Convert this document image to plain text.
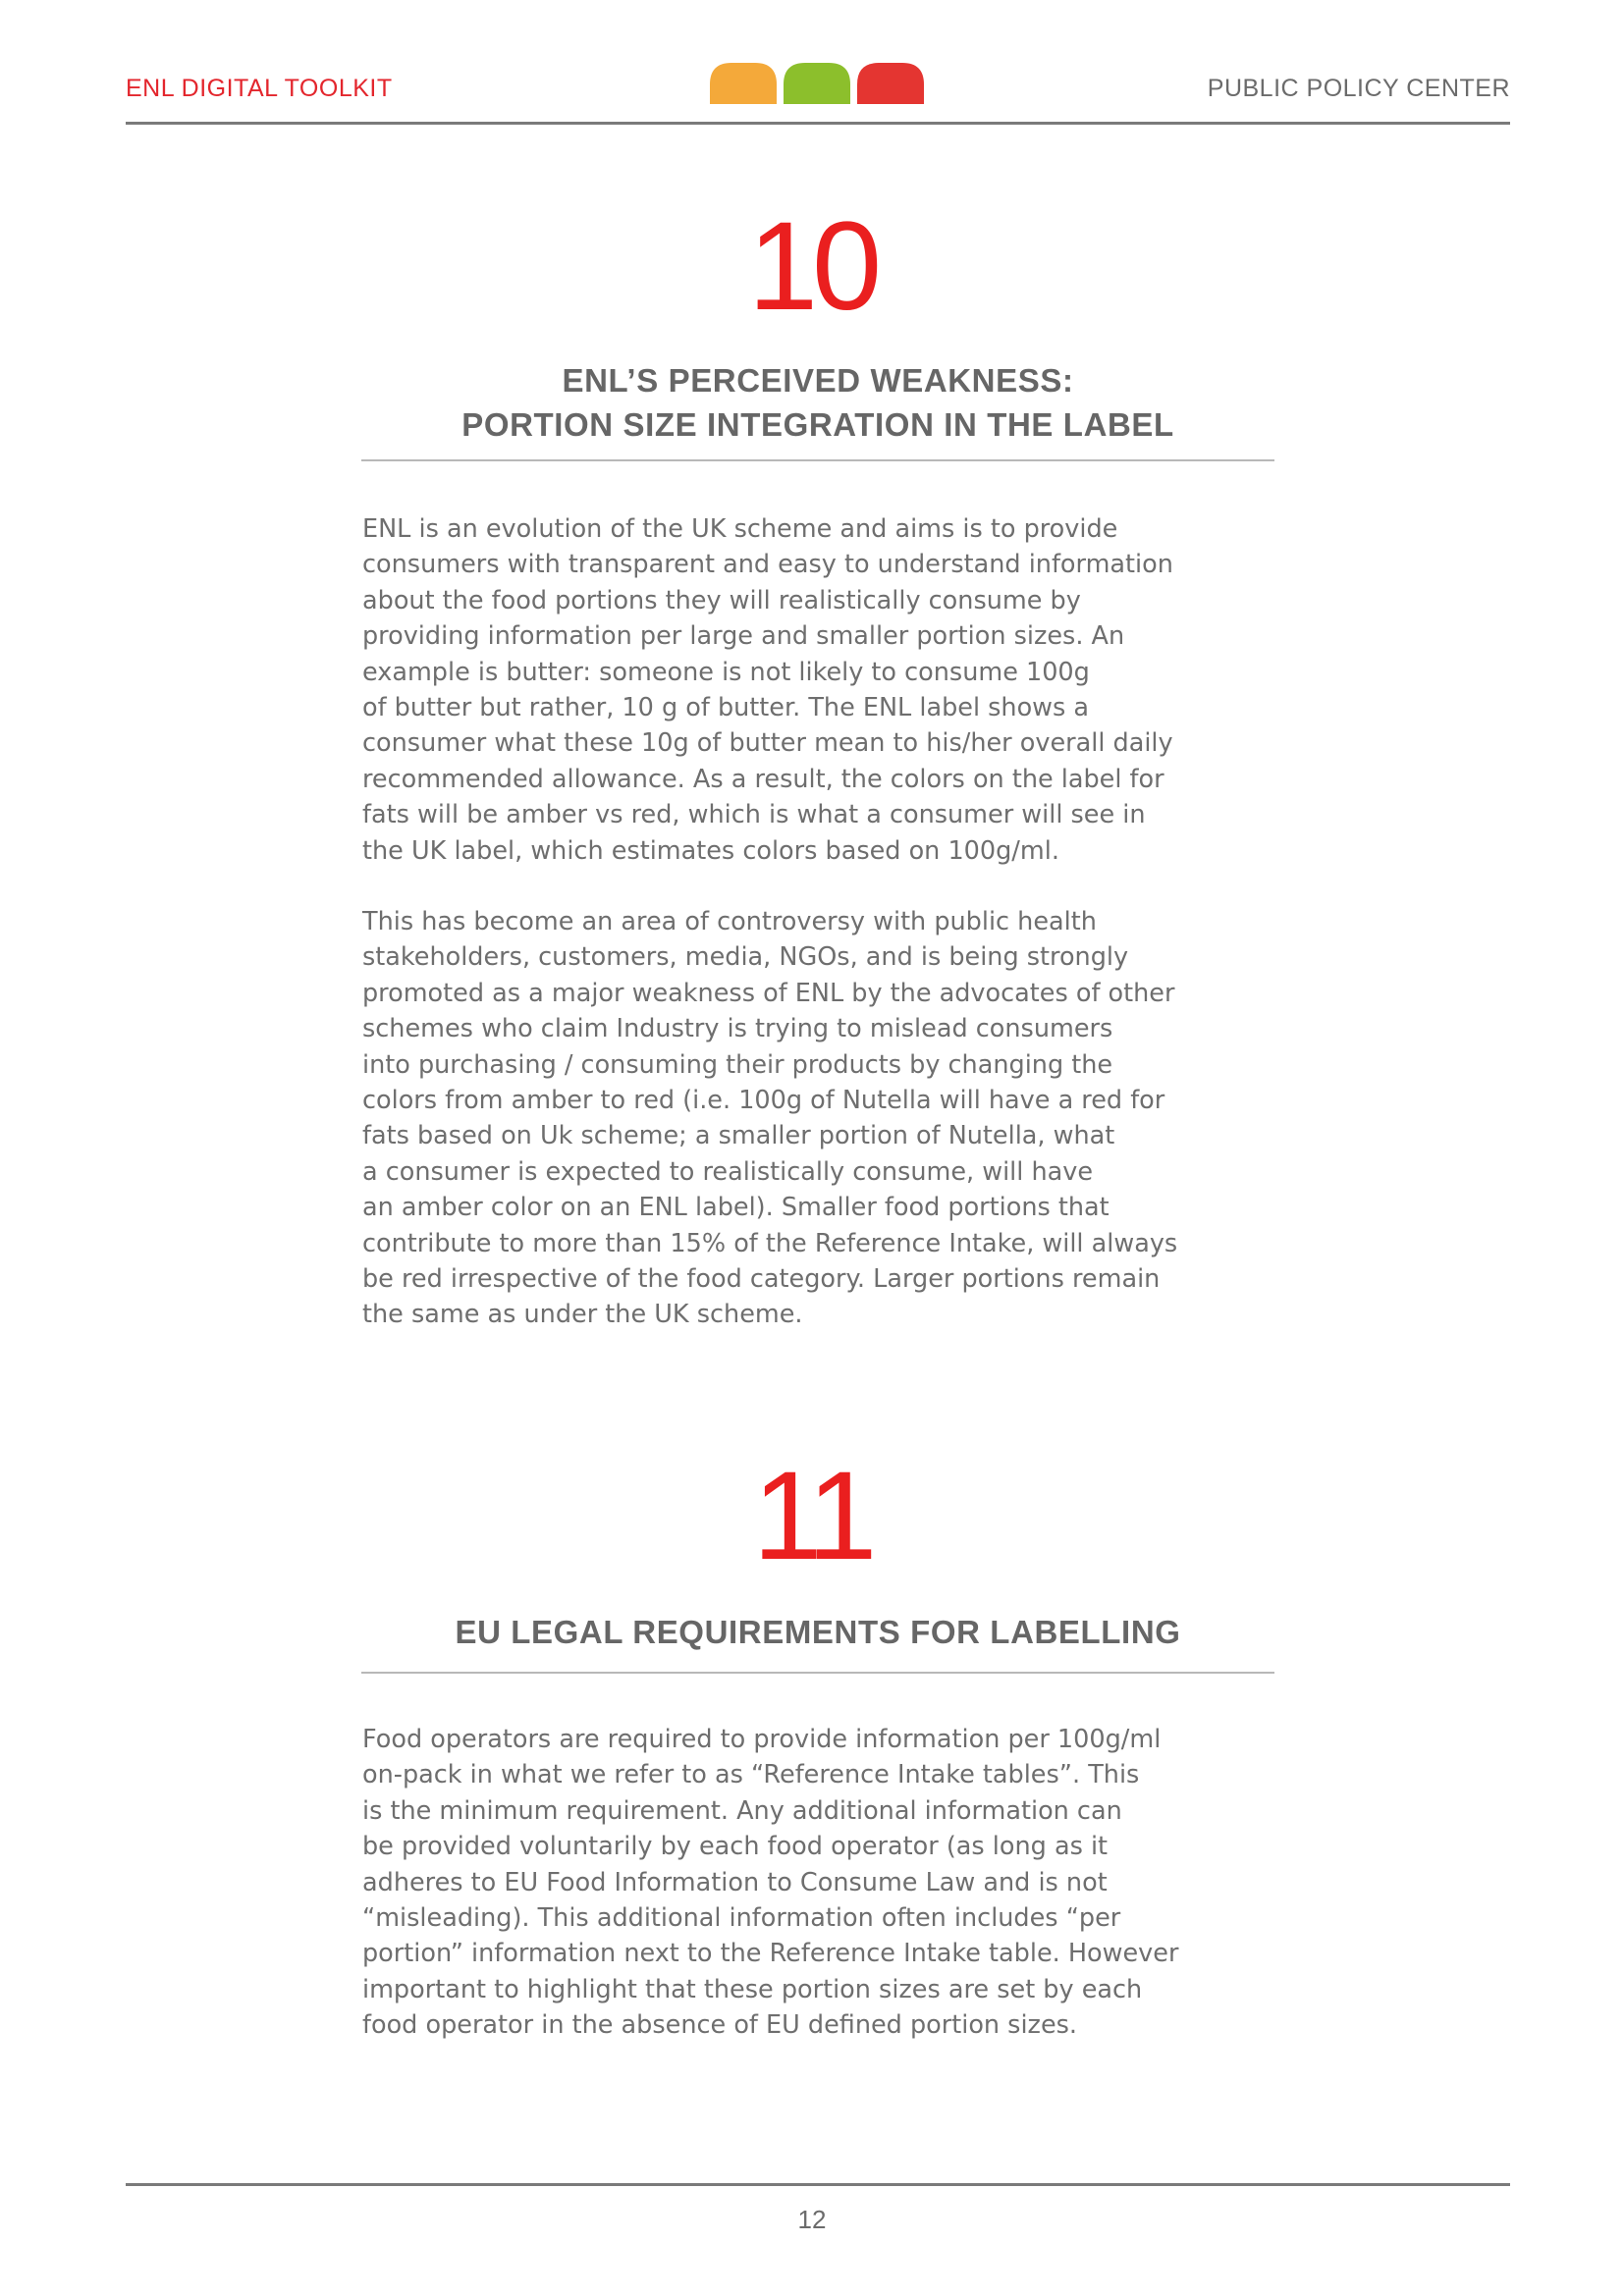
ENL DIGITAL TOOLKIT	PUBLIC POLICY CENTER
10
ENL’S PERCEIVED WEAKNESS:
PORTION SIZE INTEGRATION IN THE LABEL

ENL is an evolution of the UK scheme and aims is to provide
consumers with transparent and easy to understand information
about the food portions they will realistically consume by
providing information per large and smaller portion sizes. An
example is butter: someone is not likely to consume 100g
of butter but rather, 10 g of butter. The ENL label shows a
consumer what these 10g of butter mean to his/her overall daily
recommended allowance. As a result, the colors on the label for
fats will be amber vs red, which is what a consumer will see in
the UK label, which estimates colors based on 100g/ml.

This has become an area of controversy with public health
stakeholders, customers, media, NGOs, and is being strongly
promoted as a major weakness of ENL by the advocates of other
schemes who claim Industry is trying to mislead consumers
into purchasing / consuming their products by changing the
colors from amber to red (i.e. 100g of Nutella will have a red for
fats based on Uk scheme; a smaller portion of Nutella, what
a consumer is expected to realistically consume, will have
an amber color on an ENL label). Smaller food portions that
contribute to more than 15% of the Reference Intake, will always
be red irrespective of the food category. Larger portions remain
the same as under the UK scheme.

11
EU LEGAL REQUIREMENTS FOR LABELLING

Food operators are required to provide information per 100g/ml
on-pack in what we refer to as “Reference Intake tables”. This
is the minimum requirement. Any additional information can
be provided voluntarily by each food operator (as long as it
adheres to EU Food Information to Consume Law and is not
“misleading). This additional information often includes “per
portion” information next to the Reference Intake table. However
important to highlight that these portion sizes are set by each
food operator in the absence of EU defined portion sizes.

12
